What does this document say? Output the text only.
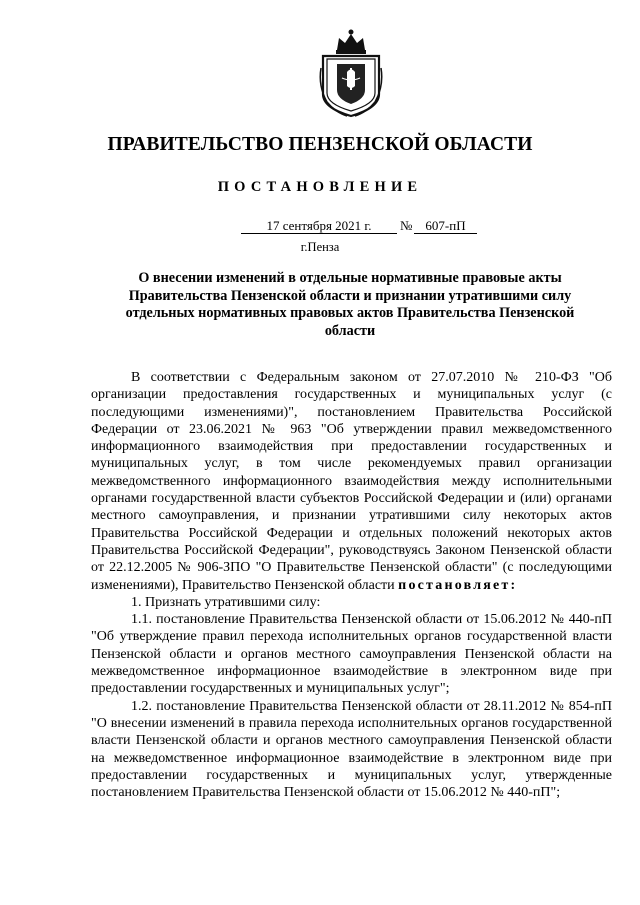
ПРАВИТЕЛЬСТВО ПЕНЗЕНСКОЙ ОБЛАСТИ
ПОСТАНОВЛЕНИЕ
17 сентября 2021 г.	№	607-пП
г.Пенза
О внесении изменений в отдельные нормативные правовые акты Правительства Пензенской области и признании утратившими силу отдельных нормативных правовых актов Правительства Пензенской области

В соответствии с Федеральным законом от 27.07.2010 № 210-ФЗ "Об организации предоставления государственных и муниципальных услуг (с последующими изменениями)", постановлением Правительства Российской Федерации от 23.06.2021 № 963 "Об утверждении правил межведомственного информационного взаимодействия при предоставлении государственных и муниципальных услуг, в том числе рекомендуемых правил организации межведомственного информационного взаимодействия между исполнительными органами государственной власти субъектов Российской Федерации и (или) органами местного самоуправления, и признании утратившими силу некоторых актов Правительства Российской Федерации и отдельных положений некоторых актов Правительства Российской Федерации", руководствуясь Законом Пензенской области от 22.12.2005 № 906-ЗПО "О Правительстве Пензенской области" (с последующими изменениями), Правительство Пензенской области постановляет:

1. Признать утратившими силу:

1.1. постановление Правительства Пензенской области от 15.06.2012 № 440-пП "Об утверждение правил перехода исполнительных органов государственной власти Пензенской области и органов местного самоуправления Пензенской области на межведомственное информационное взаимодействие в электронном виде при предоставлении государственных и муниципальных услуг";

1.2. постановление Правительства Пензенской области от 28.11.2012 № 854-пП "О внесении изменений в правила перехода исполнительных органов государственной власти Пензенской области и органов местного самоуправления Пензенской области на межведомственное информационное взаимодействие в электронном виде при предоставлении государственных и муниципальных услуг, утвержденные постановлением Правительства Пензенской области от 15.06.2012 № 440-пП";
